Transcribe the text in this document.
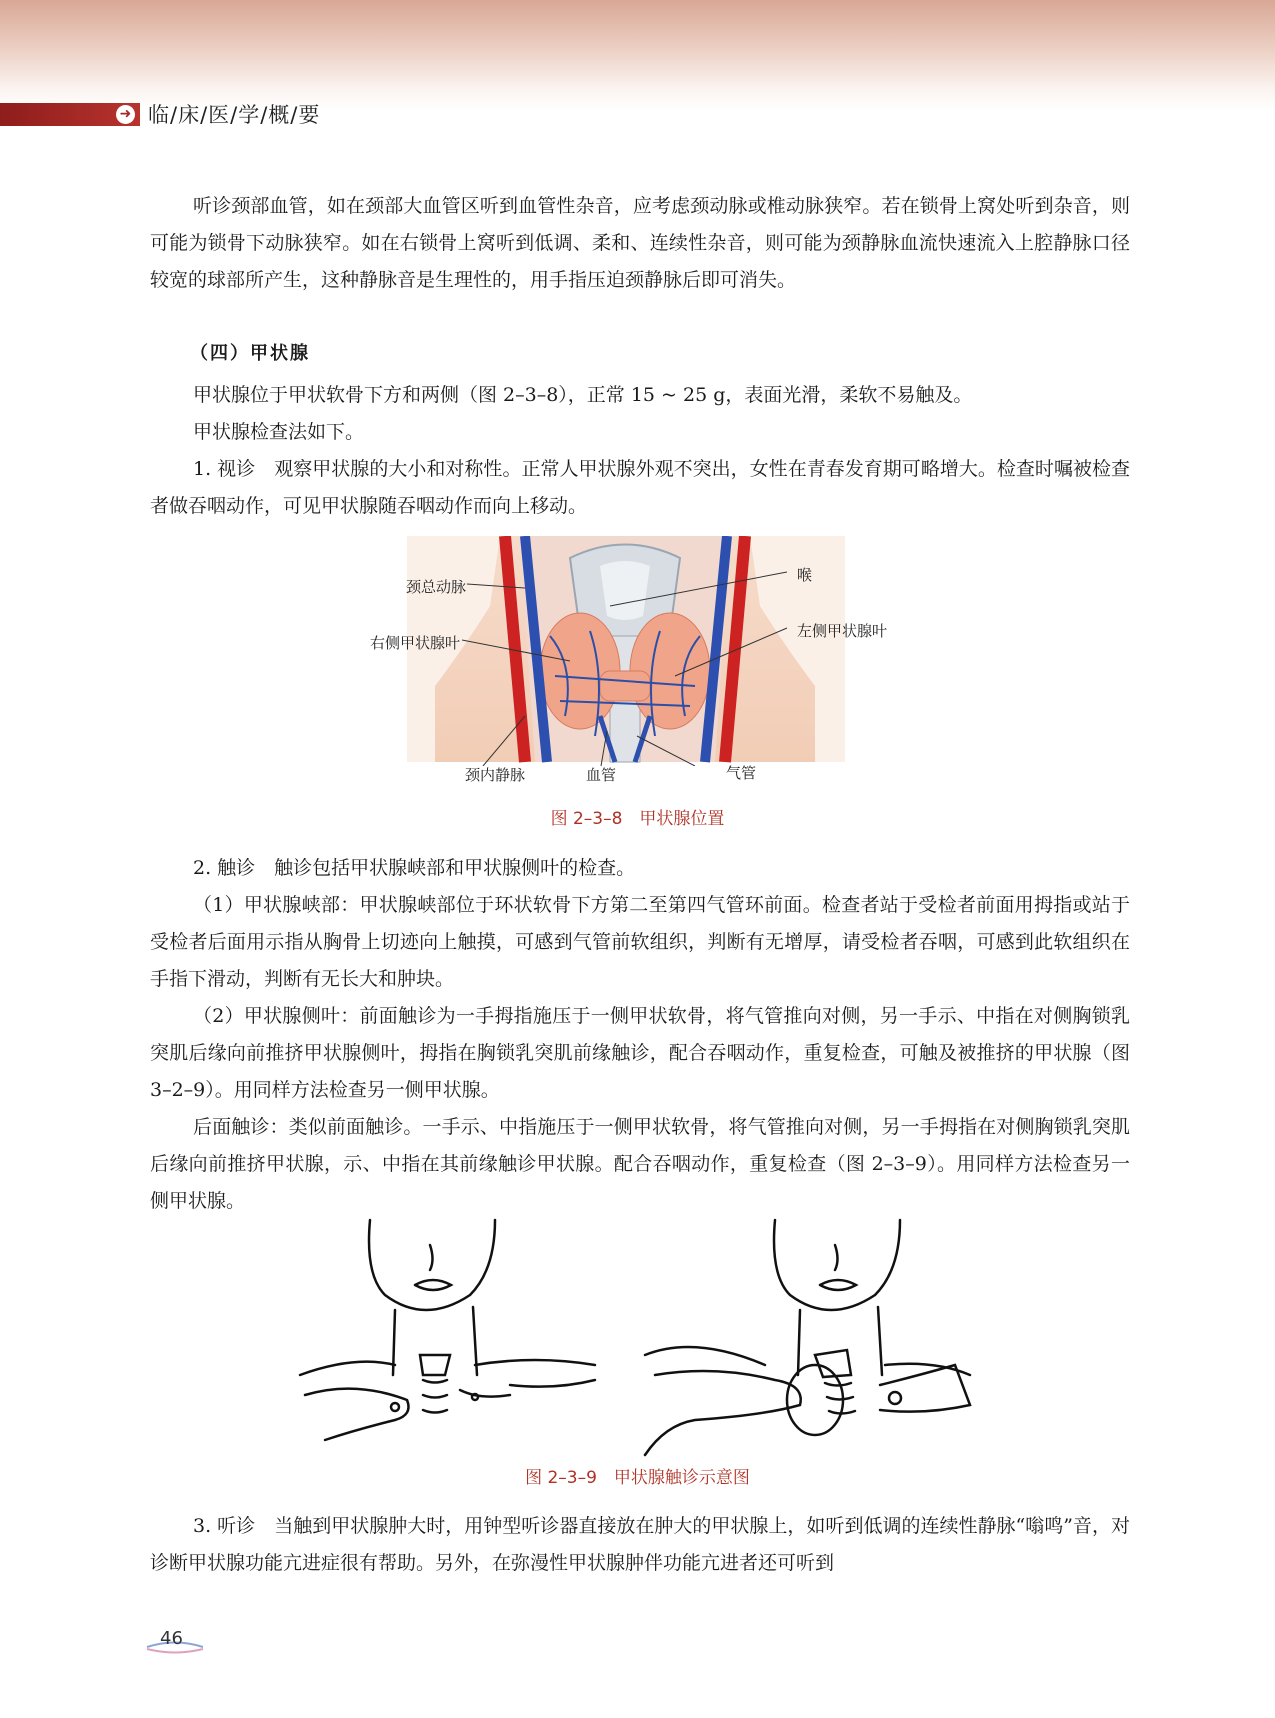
➜ 临/床/医/学/概/要

听诊颈部血管，如在颈部大血管区听到血管性杂音，应考虑颈动脉或椎动脉狭窄。若在锁骨上窝处听到杂音，则可能为锁骨下动脉狭窄。如在右锁骨上窝听到低调、柔和、连续性杂音，则可能为颈静脉血流快速流入上腔静脉口径较宽的球部所产生，这种静脉音是生理性的，用手指压迫颈静脉后即可消失。

（四）甲状腺

甲状腺位于甲状软骨下方和两侧（图 2–3–8），正常 15 ~ 25 g，表面光滑，柔软不易触及。

甲状腺检查法如下。

1. 视诊　观察甲状腺的大小和对称性。正常人甲状腺外观不突出，女性在青春发育期可略增大。检查时嘱被检查者做吞咽动作，可见甲状腺随吞咽动作而向上移动。

颈总动脉
右侧甲状腺叶
喉
左侧甲状腺叶
颈内静脉	血管	气管
图 2–3–8　甲状腺位置

2. 触诊　触诊包括甲状腺峡部和甲状腺侧叶的检查。

（1）甲状腺峡部：甲状腺峡部位于环状软骨下方第二至第四气管环前面。检查者站于受检者前面用拇指或站于受检者后面用示指从胸骨上切迹向上触摸，可感到气管前软组织，判断有无增厚，请受检者吞咽，可感到此软组织在手指下滑动，判断有无长大和肿块。

（2）甲状腺侧叶：前面触诊为一手拇指施压于一侧甲状软骨，将气管推向对侧，另一手示、中指在对侧胸锁乳突肌后缘向前推挤甲状腺侧叶，拇指在胸锁乳突肌前缘触诊，配合吞咽动作，重复检查，可触及被推挤的甲状腺（图 3–2–9）。用同样方法检查另一侧甲状腺。

后面触诊：类似前面触诊。一手示、中指施压于一侧甲状软骨，将气管推向对侧，另一手拇指在对侧胸锁乳突肌后缘向前推挤甲状腺，示、中指在其前缘触诊甲状腺。配合吞咽动作，重复检查（图 2–3–9）。用同样方法检查另一侧甲状腺。

图 2–3–9　甲状腺触诊示意图

3. 听诊　当触到甲状腺肿大时，用钟型听诊器直接放在肿大的甲状腺上，如听到低调的连续性静脉“嗡鸣”音，对诊断甲状腺功能亢进症很有帮助。另外，在弥漫性甲状腺肿伴功能亢进者还可听到

46
